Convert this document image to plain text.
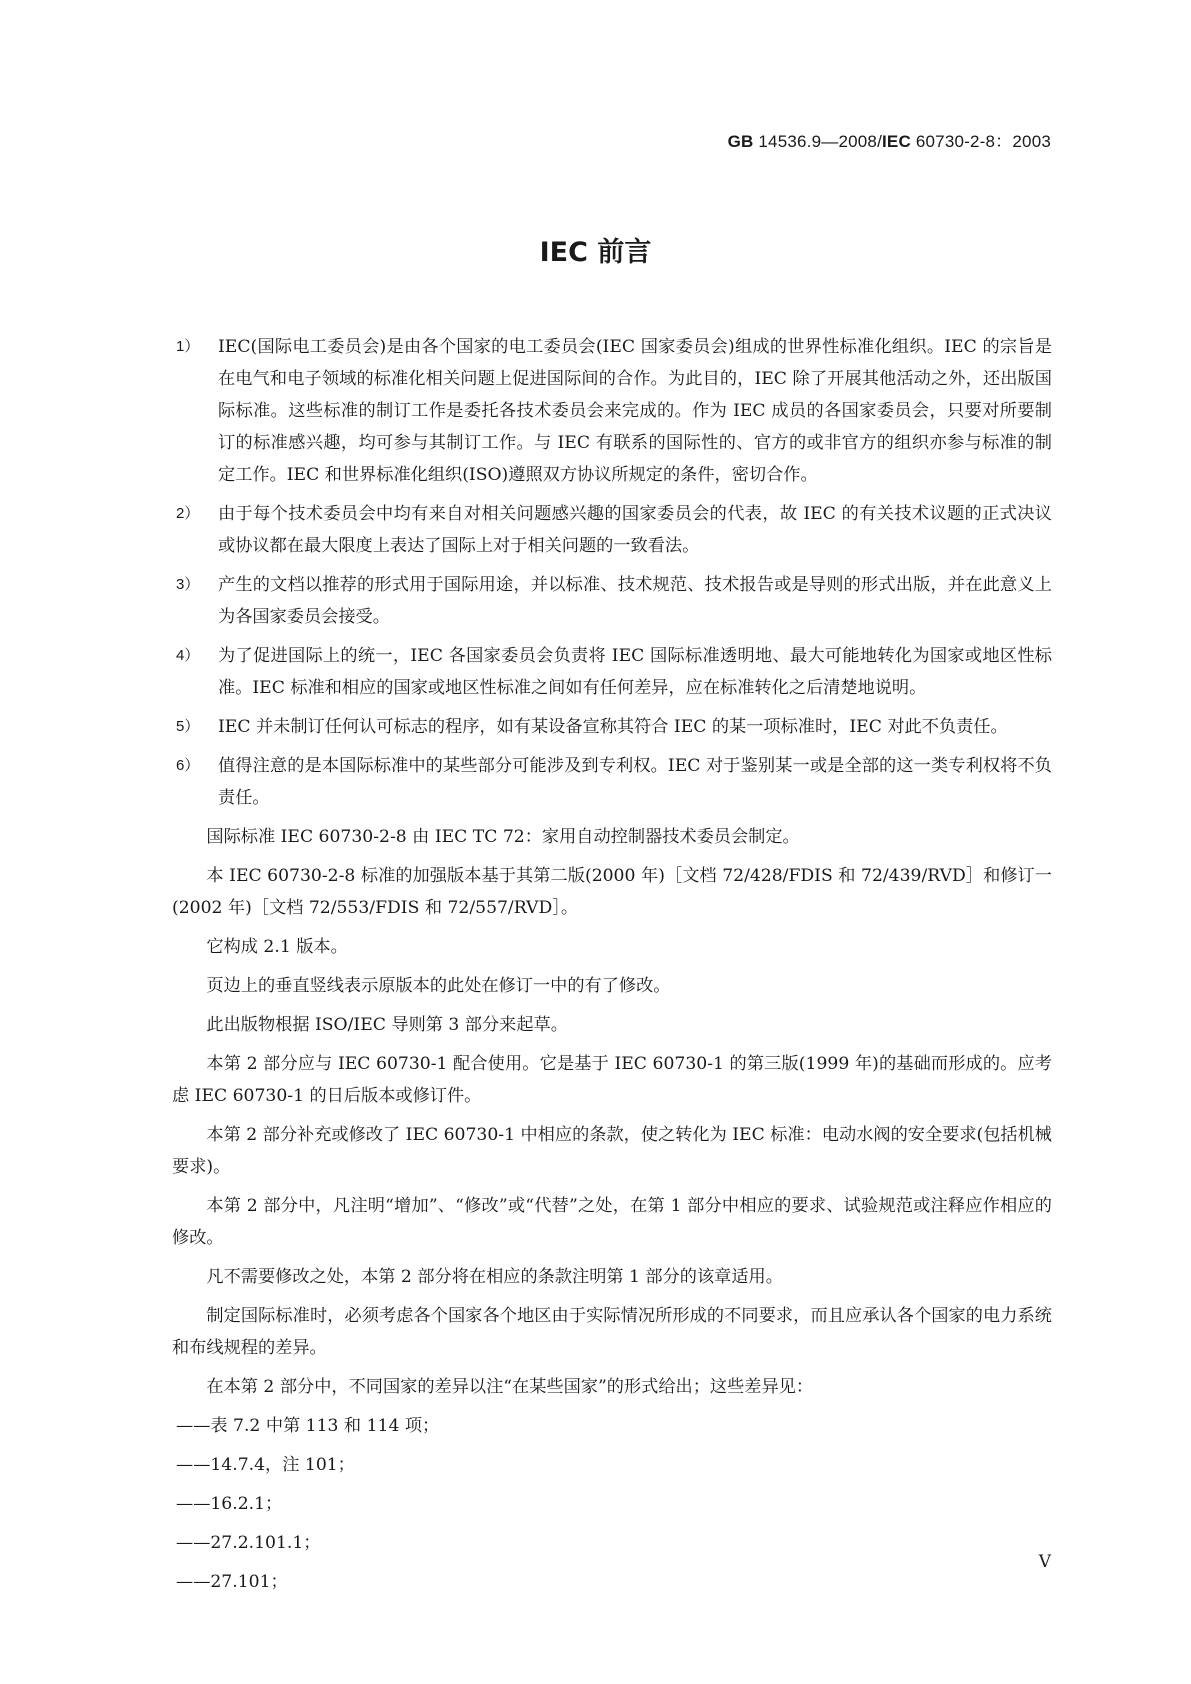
GB 14536.9—2008/IEC 60730-2-8：2003
IEC 前言
1）	IEC(国际电工委员会)是由各个国家的电工委员会(IEC 国家委员会)组成的世界性标准化组织。IEC 的宗旨是在电气和电子领域的标准化相关问题上促进国际间的合作。为此目的，IEC 除了开展其他活动之外，还出版国际标准。这些标准的制订工作是委托各技术委员会来完成的。作为 IEC 成员的各国家委员会，只要对所要制订的标准感兴趣，均可参与其制订工作。与 IEC 有联系的国际性的、官方的或非官方的组织亦参与标准的制定工作。IEC 和世界标准化组织(ISO)遵照双方协议所规定的条件，密切合作。
2）	由于每个技术委员会中均有来自对相关问题感兴趣的国家委员会的代表，故 IEC 的有关技术议题的正式决议或协议都在最大限度上表达了国际上对于相关问题的一致看法。
3）	产生的文档以推荐的形式用于国际用途，并以标准、技术规范、技术报告或是导则的形式出版，并在此意义上为各国家委员会接受。
4）	为了促进国际上的统一，IEC 各国家委员会负责将 IEC 国际标准透明地、最大可能地转化为国家或地区性标准。IEC 标准和相应的国家或地区性标准之间如有任何差异，应在标准转化之后清楚地说明。
5）	IEC 并未制订任何认可标志的程序，如有某设备宣称其符合 IEC 的某一项标准时，IEC 对此不负责任。
6）	值得注意的是本国际标准中的某些部分可能涉及到专利权。IEC 对于鉴别某一或是全部的这一类专利权将不负责任。
国际标准 IEC 60730-2-8 由 IEC TC 72：家用自动控制器技术委员会制定。
本 IEC 60730-2-8 标准的加强版本基于其第二版(2000 年)［文档 72/428/FDIS 和 72/439/RVD］和修订一(2002 年)［文档 72/553/FDIS 和 72/557/RVD］。
它构成 2.1 版本。
页边上的垂直竖线表示原版本的此处在修订一中的有了修改。
此出版物根据 ISO/IEC 导则第 3 部分来起草。
本第 2 部分应与 IEC 60730-1 配合使用。它是基于 IEC 60730-1 的第三版(1999 年)的基础而形成的。应考虑 IEC 60730-1 的日后版本或修订件。
本第 2 部分补充或修改了 IEC 60730-1 中相应的条款，使之转化为 IEC 标准：电动水阀的安全要求(包括机械要求)。
本第 2 部分中，凡注明“增加”、“修改”或“代替”之处，在第 1 部分中相应的要求、试验规范或注释应作相应的修改。
凡不需要修改之处，本第 2 部分将在相应的条款注明第 1 部分的该章适用。
制定国际标准时，必须考虑各个国家各个地区由于实际情况所形成的不同要求，而且应承认各个国家的电力系统和布线规程的差异。
在本第 2 部分中，不同国家的差异以注“在某些国家”的形式给出；这些差异见：
——表 7.2 中第 113 和 114 项；
——14.7.4，注 101；
——16.2.1；
——27.2.101.1；
——27.101；
V
